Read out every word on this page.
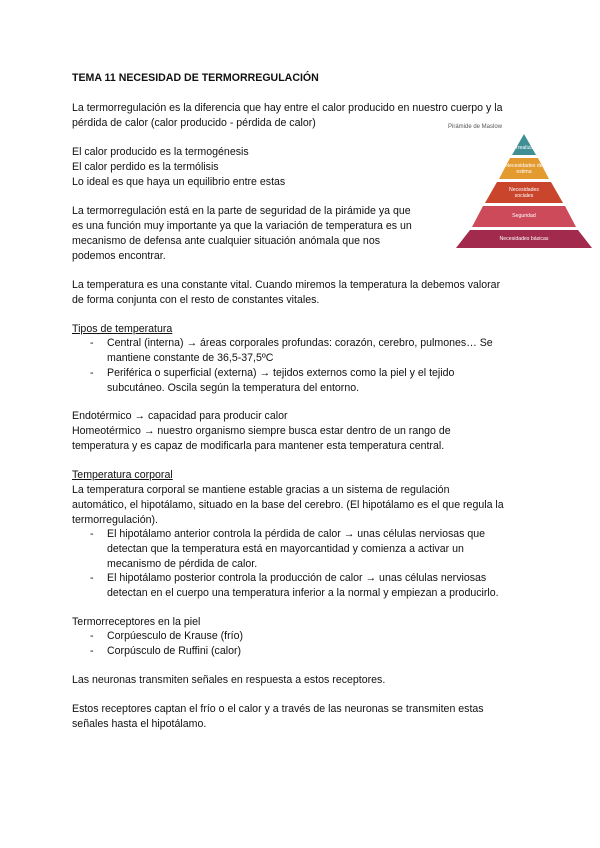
TEMA 11 NECESIDAD DE TERMORREGULACIÓN

La termorregulación es la diferencia que hay entre el calor producido en nuestro cuerpo y la

pérdida de calor (calor producido - pérdida de calor)

El calor producido es la termogénesis

El calor perdido es la termólisis

Lo ideal es que haya un equilibrio entre estas

La termorregulación está en la parte de seguridad de la pirámide ya que

es una función muy importante ya que la variación de temperatura es un

mecanismo de defensa ante cualquier situación anómala que nos

podemos encontrar.

La temperatura es una constante vital. Cuando miremos la temperatura la debemos valorar

de forma conjunta con el resto de constantes vitales.

Tipos de temperatura

- Central (interna) → áreas corporales profundas: corazón, cerebro, pulmones… Se
mantiene constante de 36,5-37,5ºC
- Periférica o superficial (externa) → tejidos externos como la piel y el tejido
subcutáneo. Oscila según la temperatura del entorno.

Endotérmico → capacidad para producir calor

Homeotérmico → nuestro organismo siempre busca estar dentro de un rango de

temperatura y es capaz de modificarla para mantener esta temperatura central.

Temperatura corporal

La temperatura corporal se mantiene estable gracias a un sistema de regulación

automático, el hipotálamo, situado en la base del cerebro. (El hipotálamo es el que regula la

termorregulación).

- El hipotálamo anterior controla la pérdida de calor → unas células nerviosas que
detectan que la temperatura está en mayorcantidad y comienza a activar un
mecanismo de pérdida de calor.
- El hipotálamo posterior controla la producción de calor → unas células nerviosas
detectan en el cuerpo una temperatura inferior a la normal y empiezan a producirlo.

Termorreceptores en la piel

- Corpúesculo de Krause (frío)
- Corpúsculo de Ruffini (calor)

Las neuronas transmiten señales en respuesta a estos receptores.

Estos receptores captan el frío o el calor y a través de las neuronas se transmiten estas

señales hasta el hipotálamo.

Pirámide de Maslow
Autorrealización
Necesidades de estima
Necesidades sociales
Seguridad
Necesidades básicas
